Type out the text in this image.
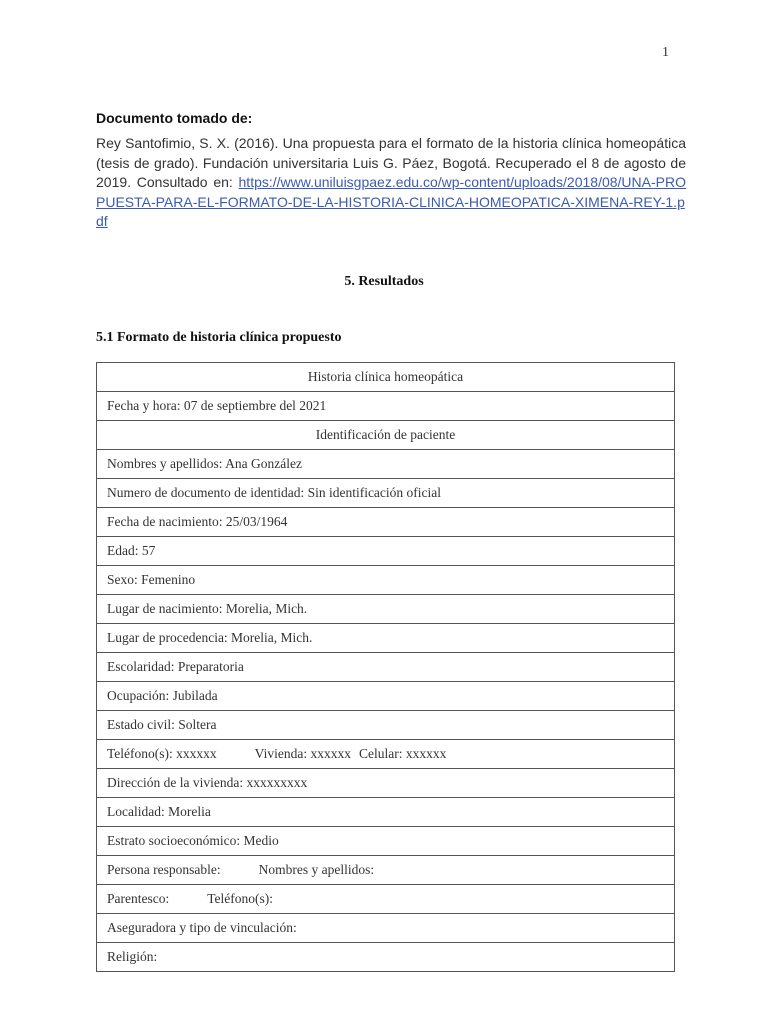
1
Documento tomado de:
Rey Santofimio, S. X. (2016). Una propuesta para el formato de la historia clínica homeopática (tesis de grado). Fundación universitaria Luis G. Páez, Bogotá. Recuperado el 8 de agosto de 2019. Consultado en: https://www.uniluisgpaez.edu.co/wp-content/uploads/2018/08/UNA-PROPUESTA-PARA-EL-FORMATO-DE-LA-HISTORIA-CLINICA-HOMEOPATICA-XIMENA-REY-1.pdf
5. Resultados
5.1 Formato de historia clínica propuesto
Historia clínica homeopática
Fecha y hora: 07 de septiembre del 2021
Identificación de paciente
Nombres y apellidos: Ana González
Numero de documento de identidad: Sin identificación oficial
Fecha de nacimiento: 25/03/1964
Edad: 57
Sexo: Femenino
Lugar de nacimiento: Morelia, Mich.
Lugar de procedencia: Morelia, Mich.
Escolaridad: Preparatoria
Ocupación: Jubilada
Estado civil: Soltera
Teléfono(s): xxxxxx	Vivienda: xxxxxx Celular: xxxxxx
Dirección de la vivienda: xxxxxxxxx
Localidad: Morelia
Estrato socioeconómico: Medio
Persona responsable:	Nombres y apellidos:
Parentesco:	Teléfono(s):
Aseguradora y tipo de vinculación:
Religión:
